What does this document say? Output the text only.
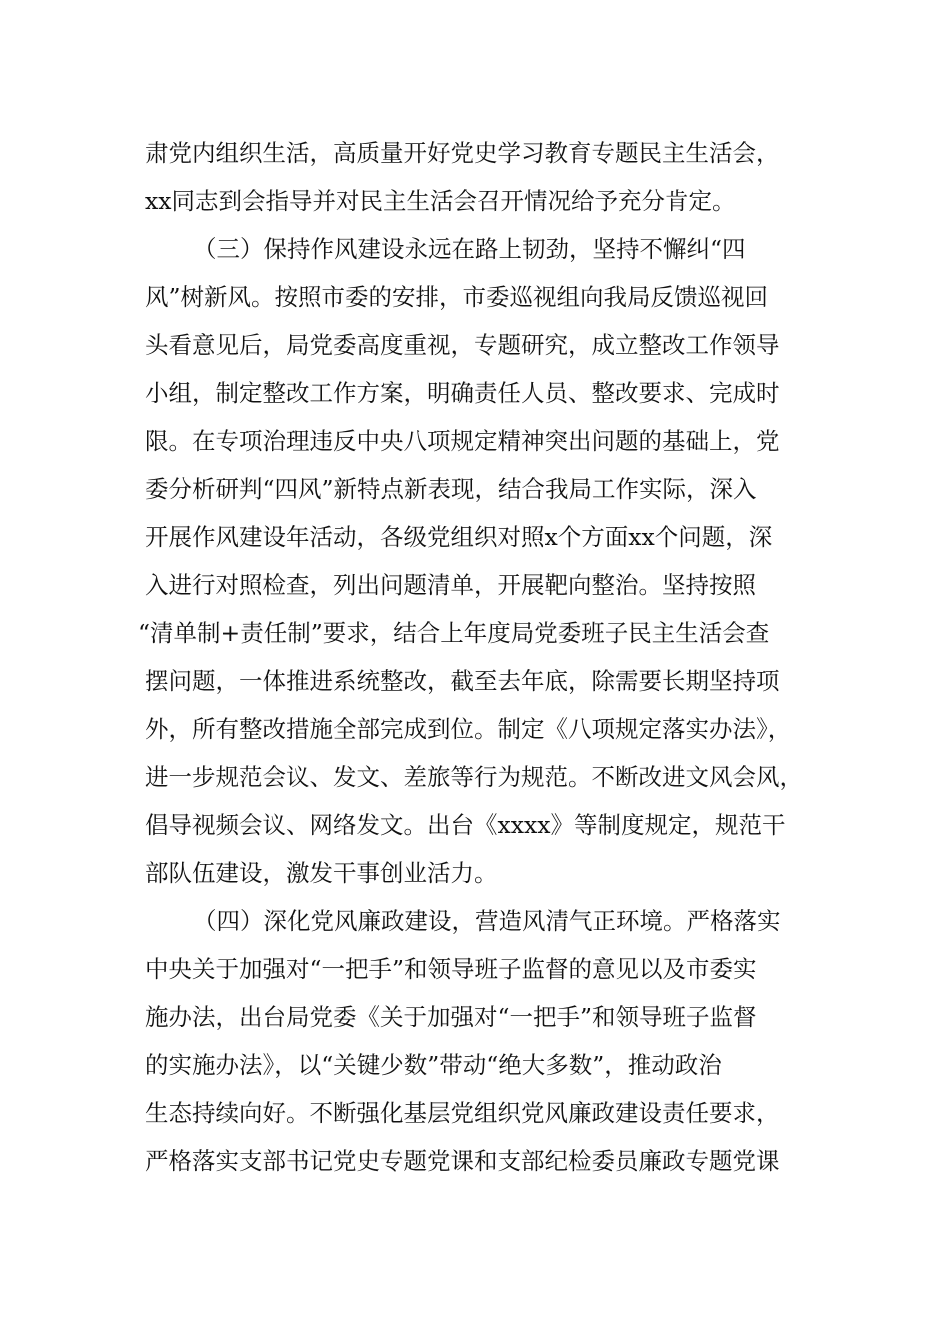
肃党内组织生活，高质量开好党史学习教育专题民主生活会，

xx同志到会指导并对民主生活会召开情况给予充分肯定。

（三）保持作风建设永远在路上韧劲，坚持不懈纠“四

风”树新风。按照市委的安排，市委巡视组向我局反馈巡视回

头看意见后，局党委高度重视，专题研究，成立整改工作领导

小组，制定整改工作方案，明确责任人员、整改要求、完成时

限。在专项治理违反中央八项规定精神突出问题的基础上，党

委分析研判“四风”新特点新表现，结合我局工作实际，深入

开展作风建设年活动，各级党组织对照x个方面xx个问题，深

入进行对照检查，列出问题清单，开展靶向整治。坚持按照

“清单制+责任制”要求，结合上年度局党委班子民主生活会查

摆问题，一体推进系统整改，截至去年底，除需要长期坚持项

外，所有整改措施全部完成到位。制定《八项规定落实办法》，

进一步规范会议、发文、差旅等行为规范。不断改进文风会风，

倡导视频会议、网络发文。出台《xxxx》等制度规定，规范干

部队伍建设，激发干事创业活力。

（四）深化党风廉政建设，营造风清气正环境。严格落实

中央关于加强对“一把手”和领导班子监督的意见以及市委实

施办法，出台局党委《关于加强对“一把手”和领导班子监督

的实施办法》，以“关键少数”带动“绝大多数”，推动政治

生态持续向好。不断强化基层党组织党风廉政建设责任要求，

严格落实支部书记党史专题党课和支部纪检委员廉政专题党课
